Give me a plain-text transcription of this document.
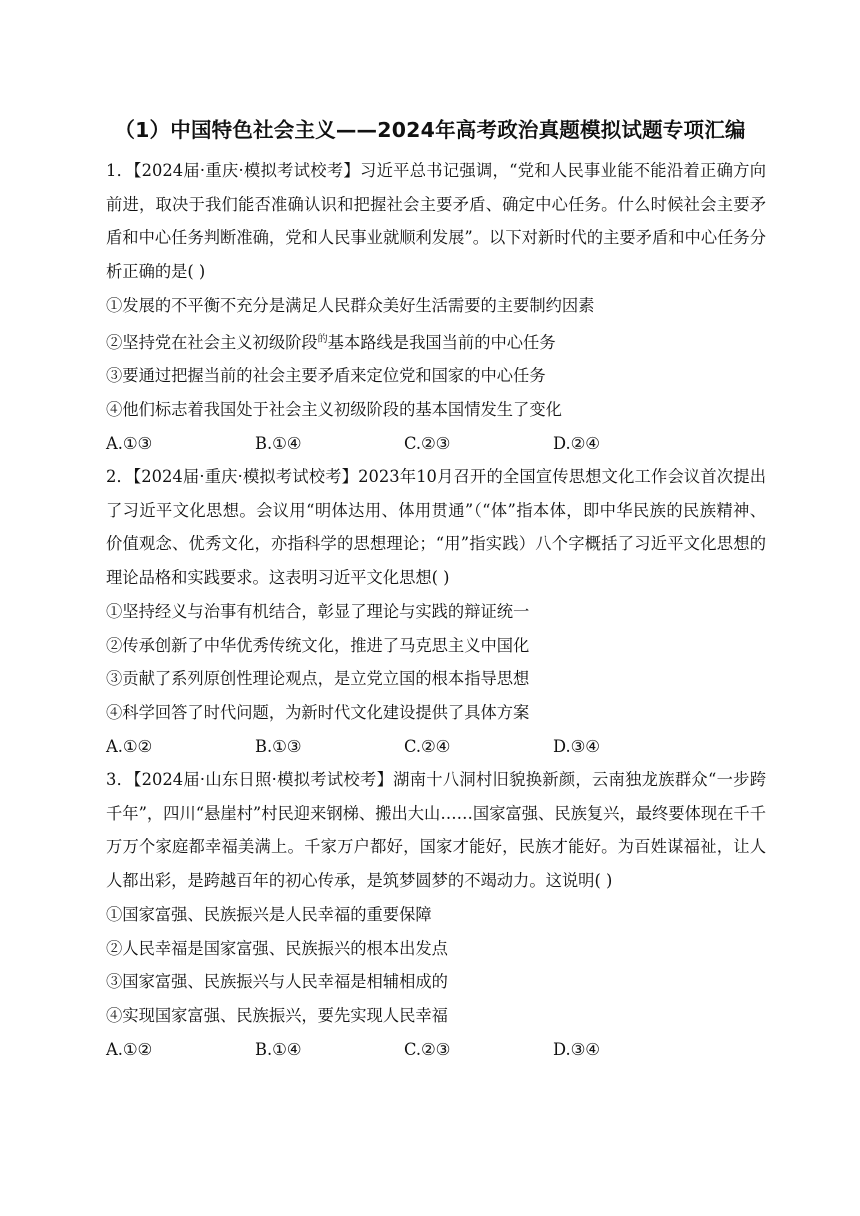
（1）中国特色社会主义——2024年高考政治真题模拟试题专项汇编

1．【2024届·重庆·模拟考试校考】习近平总书记强调，“党和人民事业能不能沿着正确方向前进，取决于我们能否准确认识和把握社会主要矛盾、确定中心任务。什么时候社会主要矛盾和中心任务判断准确，党和人民事业就顺利发展”。以下对新时代的主要矛盾和中心任务分析正确的是( )

①发展的不平衡不充分是满足人民群众美好生活需要的主要制约因素

②坚持党在社会主义初级阶段$^的$基本路线是我国当前的中心任务

③要通过把握当前的社会主要矛盾来定位党和国家的中心任务

④他们标志着我国处于社会主义初级阶段的基本国情发生了变化

A.①③	B.①④	C.②③	D.②④

2．【2024届·重庆·模拟考试校考】2023年10月召开的全国宣传思想文化工作会议首次提出了习近平文化思想。会议用“明体达用、体用贯通”（“体”指本体，即中华民族的民族精神、价值观念、优秀文化，亦指科学的思想理论；“用”指实践）八个字概括了习近平文化思想的理论品格和实践要求。这表明习近平文化思想( )

①坚持经义与治事有机结合，彰显了理论与实践的辩证统一

②传承创新了中华优秀传统文化，推进了马克思主义中国化

③贡献了系列原创性理论观点，是立党立国的根本指导思想

④科学回答了时代问题，为新时代文化建设提供了具体方案

A.①②	B.①③	C.②④	D.③④

3．【2024届·山东日照·模拟考试校考】湖南十八洞村旧貌换新颜，云南独龙族群众“一步跨千年”，四川“悬崖村”村民迎来钢梯、搬出大山……国家富强、民族复兴，最终要体现在千千万万个家庭都幸福美满上。千家万户都好，国家才能好，民族才能好。为百姓谋福祉，让人人都出彩，是跨越百年的初心传承，是筑梦圆梦的不竭动力。这说明( )

①国家富强、民族振兴是人民幸福的重要保障

②人民幸福是国家富强、民族振兴的根本出发点

③国家富强、民族振兴与人民幸福是相辅相成的

④实现国家富强、民族振兴，要先实现人民幸福

A.①②	B.①④	C.②③	D.③④
